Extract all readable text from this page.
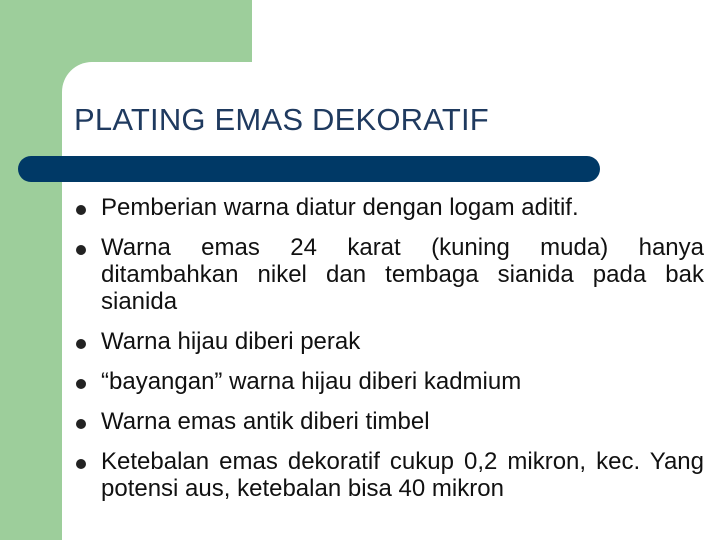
PLATING EMAS DEKORATIF
Pemberian warna diatur dengan logam aditif.
Warna emas 24 karat (kuning muda) hanya ditambahkan nikel dan tembaga sianida pada bak sianida
Warna hijau diberi perak
“bayangan” warna hijau diberi kadmium
Warna emas antik diberi timbel
Ketebalan emas dekoratif cukup 0,2 mikron, kec. Yang potensi aus, ketebalan bisa 40 mikron
